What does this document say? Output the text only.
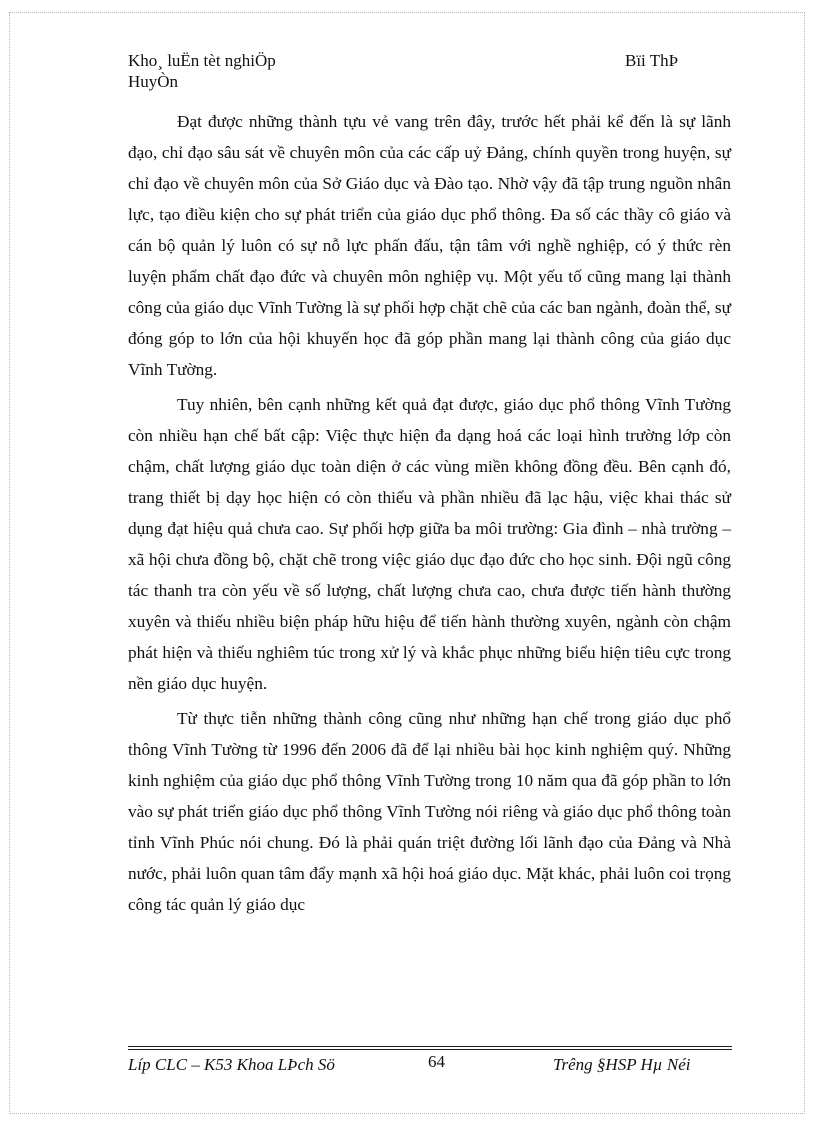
Kho¸ luËn tèt nghiÖp	Bïi ThÞ
HuyÒn

Đạt được những thành tựu vẻ vang trên đây, trước hết phải kể đến là sự lãnh đạo, chỉ đạo sâu sát về chuyên môn của các cấp uỷ Đảng, chính quyền trong huyện, sự chỉ đạo về chuyên môn của Sở Giáo dục và Đào tạo. Nhờ vậy đã tập trung nguồn nhân lực, tạo điều kiện cho sự phát triển của giáo dục phổ thông. Đa số các thầy cô giáo và cán bộ quản lý luôn có sự nỗ lực phấn đấu, tận tâm với nghề nghiệp, có ý thức rèn luyện phẩm chất đạo đức và chuyên môn nghiệp vụ. Một yếu tố cũng mang lại thành công của giáo dục Vĩnh Tường là sự phối hợp chặt chẽ của các ban ngành, đoàn thể, sự đóng góp to lớn của hội khuyến học đã góp phần mang lại thành công của giáo dục Vĩnh Tường.

Tuy nhiên, bên cạnh những kết quả đạt được, giáo dục phổ thông Vĩnh Tường còn nhiều hạn chế bất cập: Việc thực hiện đa dạng hoá các loại hình trường lớp còn chậm, chất lượng giáo dục toàn diện ở các vùng miền không đồng đều. Bên cạnh đó, trang thiết bị dạy học hiện có còn thiếu và phần nhiều đã lạc hậu, việc khai thác sử dụng đạt hiệu quả chưa cao. Sự phối hợp giữa ba môi trường: Gia đình – nhà trường – xã hội chưa đồng bộ, chặt chẽ trong việc giáo dục đạo đức cho học sinh. Đội ngũ công tác thanh tra còn yếu về số lượng, chất lượng chưa cao, chưa được tiến hành thường xuyên và thiếu nhiều biện pháp hữu hiệu để tiến hành thường xuyên, ngành còn chậm phát hiện và thiếu nghiêm túc trong xử lý và khắc phục những biểu hiện tiêu cực trong nền giáo dục huyện.

Từ thực tiễn những thành công cũng như những hạn chế trong giáo dục phổ thông Vĩnh Tường từ 1996 đến 2006 đã để lại nhiều bài học kinh nghiệm quý. Những kinh nghiệm của giáo dục phổ thông Vĩnh Tường trong 10 năm qua đã góp phần to lớn vào sự phát triển giáo dục phổ thông Vĩnh Tường nói riêng và giáo dục phổ thông toàn tỉnh Vĩnh Phúc nói chung. Đó là phải quán triệt đường lối lãnh đạo của Đảng và Nhà nước, phải luôn quan tâm đẩy mạnh xã hội hoá giáo dục. Mặt khác, phải luôn coi trọng công tác quản lý giáo dục

Líp CLC – K53 Khoa LÞch Sö	64	Trêng §HSP Hµ Néi
